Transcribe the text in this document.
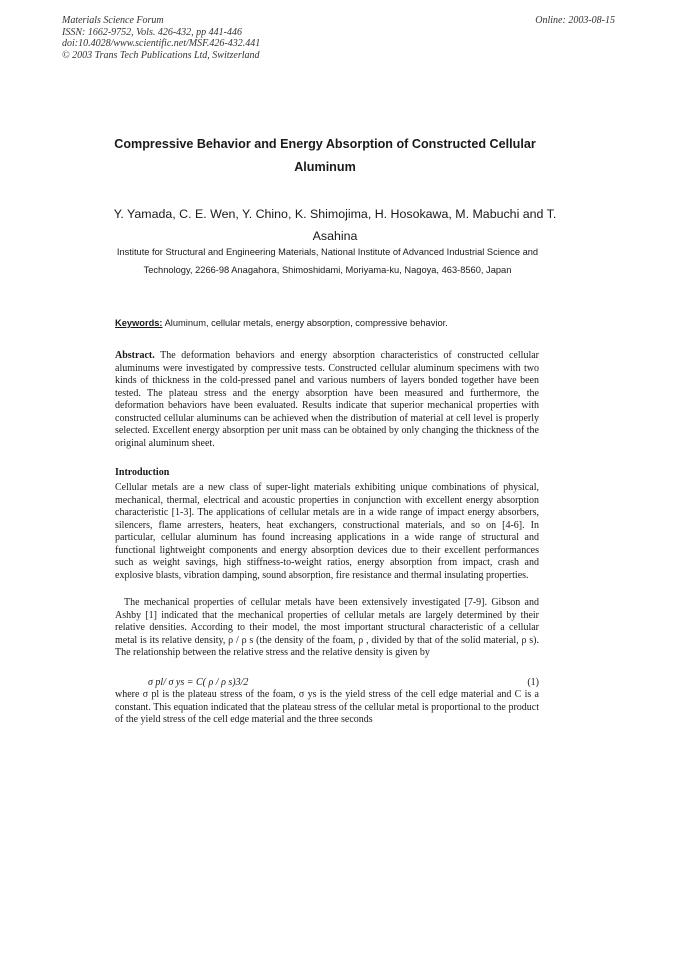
Materials Science Forum
ISSN: 1662-9752, Vols. 426-432, pp 441-446
doi:10.4028/www.scientific.net/MSF.426-432.441
© 2003 Trans Tech Publications Ltd, Switzerland
Online: 2003-08-15
Compressive Behavior and Energy Absorption of Constructed Cellular Aluminum
Y. Yamada, C. E. Wen, Y. Chino, K. Shimojima, H. Hosokawa, M. Mabuchi and T. Asahina
Institute for Structural and Engineering Materials, National Institute of Advanced Industrial Science and Technology, 2266-98 Anagahora, Shimoshidami, Moriyama-ku, Nagoya, 463-8560, Japan
Keywords: Aluminum, cellular metals, energy absorption, compressive behavior.
Abstract. The deformation behaviors and energy absorption characteristics of constructed cellular aluminums were investigated by compressive tests. Constructed cellular aluminum specimens with two kinds of thickness in the cold-pressed panel and various numbers of layers bonded together have been tested. The plateau stress and the energy absorption have been measured and furthermore, the deformation behaviors have been evaluated. Results indicate that superior mechanical properties with constructed cellular aluminums can be achieved when the distribution of material at cell level is properly selected. Excellent energy absorption per unit mass can be obtained by only changing the thickness of the original aluminum sheet.
Introduction
Cellular metals are a new class of super-light materials exhibiting unique combinations of physical, mechanical, thermal, electrical and acoustic properties in conjunction with excellent energy absorption characteristic [1-3]. The applications of cellular metals are in a wide range of impact energy absorbers, silencers, flame arresters, heaters, heat exchangers, constructional materials, and so on [4-6]. In particular, cellular aluminum has found increasing applications in a wide range of structural and functional lightweight components and energy absorption devices due to their excellent performances such as weight savings, high stiffness-to-weight ratios, energy absorption from impact, crash and explosive blasts, vibration damping, sound absorption, fire resistance and thermal insulating properties.
The mechanical properties of cellular metals have been extensively investigated [7-9]. Gibson and Ashby [1] indicated that the mechanical properties of cellular metals are largely determined by their relative densities. According to their model, the most important structural characteristic of a cellular metal is its relative density, ρ / ρ s (the density of the foam, ρ , divided by that of the solid material, ρ s). The relationship between the relative stress and the relative density is given by
σ pl/ σ ys = C( ρ / ρ s)3/2	(1)
where σ pl is the plateau stress of the foam, σ ys is the yield stress of the cell edge material and C is a constant. This equation indicated that the plateau stress of the cellular metal is proportional to the product of the yield stress of the cell edge material and the three seconds
